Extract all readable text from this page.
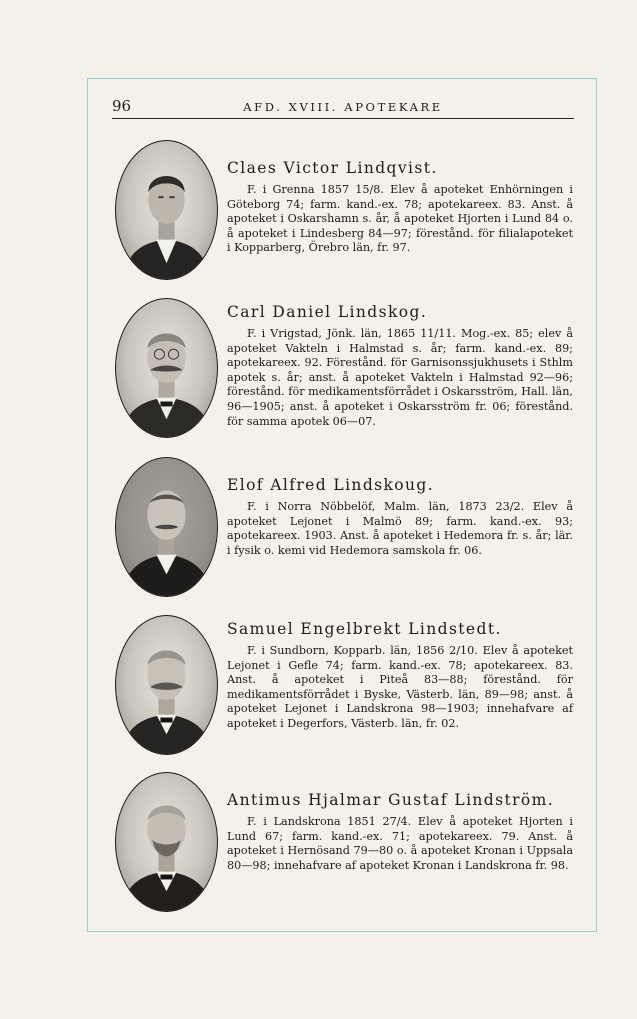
96	AFD. XVIII. APOTEKARE

Claes Victor Lindqvist.

F. i Grenna 1857 15/8. Elev å apoteket Enhörningen i Göteborg 74; farm. kand.-ex. 78; apotekareex. 83. Anst. å apoteket i Oskarshamn s. år, å apoteket Hjorten i Lund 84 o. å apoteket i Lindesberg 84—97; förestånd. för filialapoteket i Kopparberg, Örebro län, fr. 97.

Carl Daniel Lindskog.

F. i Vrigstad, Jönk. län, 1865 11/11. Mog.-ex. 85; elev å apoteket Vakteln i Halmstad s. år; farm. kand.-ex. 89; apotekareex. 92. Förestånd. för Garnisonssjukhusets i Sthlm apotek s. år; anst. å apoteket Vakteln i Halmstad 92—96; förestånd. för medikamentsförrådet i Oskarsström, Hall. län, 96—1905; anst. å apoteket i Oskarsström fr. 06; förestånd. för samma apotek 06—07.

Elof Alfred Lindskoug.

F. i Norra Nöbbelöf, Malm. län, 1873 23/2. Elev å apoteket Lejonet i Malmö 89; farm. kand.-ex. 93; apotekareex. 1903. Anst. å apoteket i Hedemora fr. s. år; lär. i fysik o. kemi vid Hedemora samskola fr. 06.

Samuel Engelbrekt Lindstedt.

F. i Sundborn, Kopparb. län, 1856 2/10. Elev å apoteket Lejonet i Gefle 74; farm. kand.-ex. 78; apotekareex. 83. Anst. å apoteket i Piteå 83—88; förestånd. för medikamentsförrådet i Byske, Västerb. län, 89—98; anst. å apoteket Lejonet i Landskrona 98—1903; innehafvare af apoteket i Degerfors, Västerb. län, fr. 02.

Antimus Hjalmar Gustaf Lindström.

F. i Landskrona 1851 27/4. Elev å apoteket Hjorten i Lund 67; farm. kand.-ex. 71; apotekareex. 79. Anst. å apoteket i Hernösand 79—80 o. å apoteket Kronan i Uppsala 80—98; innehafvare af apoteket Kronan i Landskrona fr. 98.
